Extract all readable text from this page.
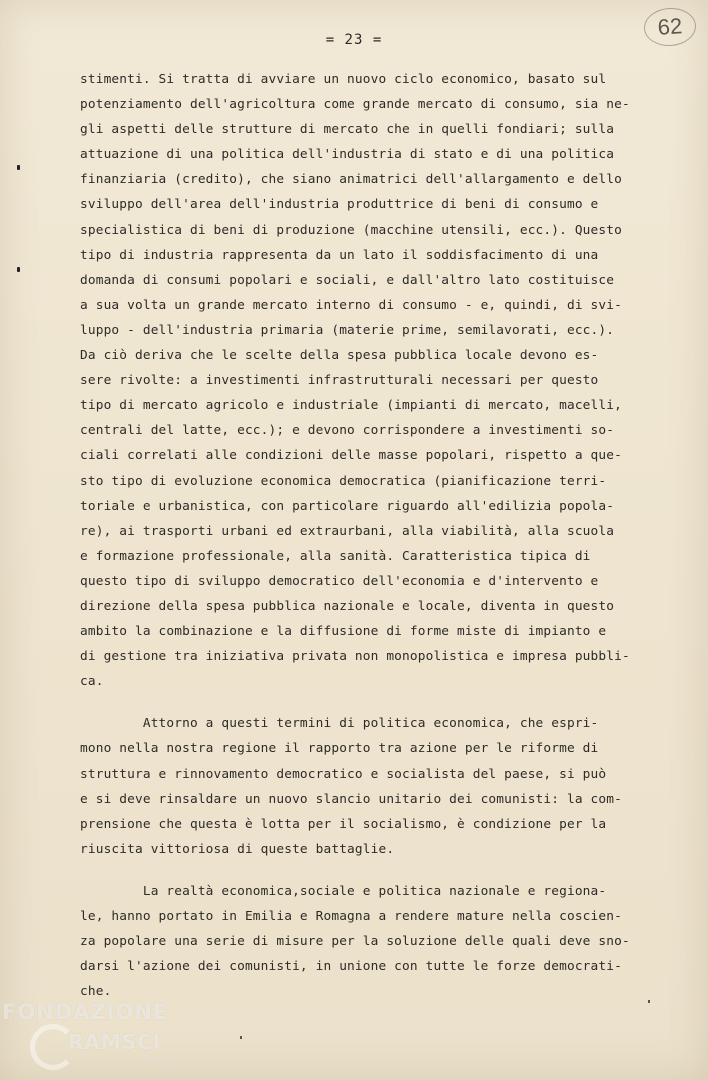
= 23 =
62
stimenti. Si tratta di avviare un nuovo ciclo economico, basato sul
potenziamento dell'agricoltura come grande mercato di consumo, sia ne-
gli aspetti delle strutture di mercato che in quelli fondiari; sulla
attuazione di una politica dell'industria di stato e di una politica
finanziaria (credito), che siano animatrici dell'allargamento e dello
sviluppo dell'area dell'industria produttrice di beni di consumo e
specialistica di beni di produzione (macchine utensili, ecc.). Questo
tipo di industria rappresenta da un lato il soddisfacimento di una
domanda di consumi popolari e sociali, e dall'altro lato costituisce
a sua volta un grande mercato interno di consumo - e, quindi, di svi-
luppo - dell'industria primaria (materie prime, semilavorati, ecc.).
Da ciò deriva che le scelte della spesa pubblica locale devono es-
sere rivolte: a investimenti infrastrutturali necessari per questo
tipo di mercato agricolo e industriale (impianti di mercato, macelli,
centrali del latte, ecc.); e devono corrispondere a investimenti so-
ciali correlati alle condizioni delle masse popolari, rispetto a que-
sto tipo di evoluzione economica democratica (pianificazione terri-
toriale e urbanistica, con particolare riguardo all'edilizia popola-
re), ai trasporti urbani ed extraurbani, alla viabilità, alla scuola
e formazione professionale, alla sanità. Caratteristica tipica di
questo tipo di sviluppo democratico dell'economia e d'intervento e
direzione della spesa pubblica nazionale e locale, diventa in questo
ambito la combinazione e la diffusione di forme miste di impianto e
di gestione tra iniziativa privata non monopolistica e impresa pubbli-
ca.
Attorno a questi termini di politica economica, che espri-
mono nella nostra regione il rapporto tra azione per le riforme di
struttura e rinnovamento democratico e socialista del paese, si può
e si deve rinsaldare un nuovo slancio unitario dei comunisti: la com-
prensione che questa è lotta per il socialismo, è condizione per la
riuscita vittoriosa di queste battaglie.
La realtà economica,sociale e politica nazionale e regiona-
le, hanno portato in Emilia e Romagna a rendere mature nella coscien-
za popolare una serie di misure per la soluzione delle quali deve sno-
darsi l'azione dei comunisti, in unione con tutte le forze democrati-
che.
FONDAZIONE
RAMSCI
onlus
